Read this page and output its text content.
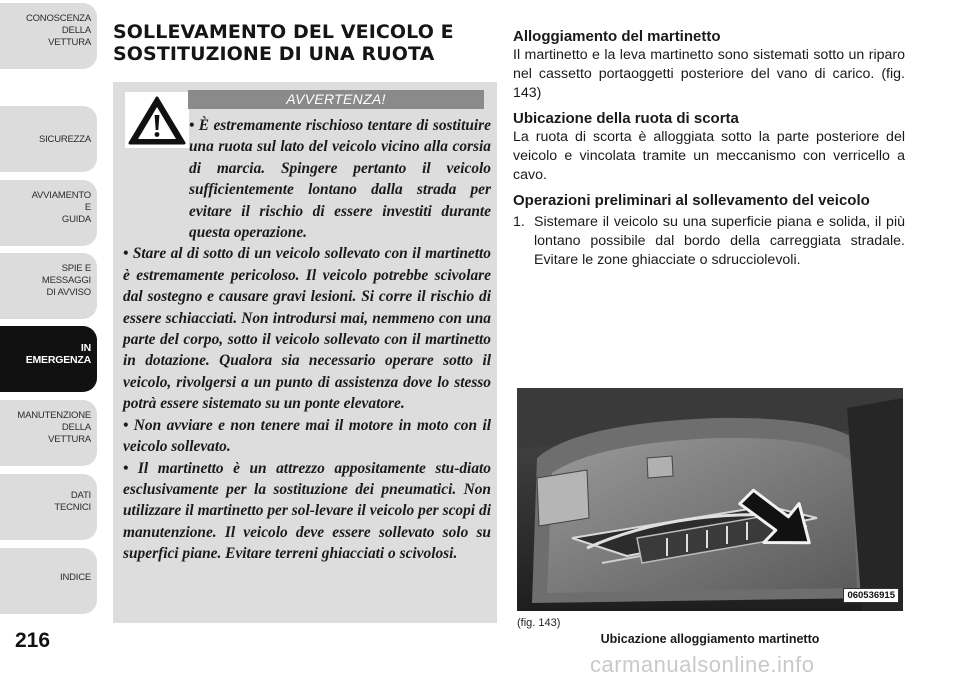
CONOSCENZA
DELLA
VETTURA
SICUREZZA
AVVIAMENTO
E
GUIDA
SPIE E
MESSAGGI
DI AVVISO
IN
EMERGENZA
MANUTENZIONE
DELLA
VETTURA
DATI
TECNICI
INDICE
216
SOLLEVAMENTO DEL VEICOLO E
SOSTITUZIONE DI UNA RUOTA
AVVERTENZA!

• È estremamente rischioso tentare di sostituire una ruota sul lato del veicolo vicino alla corsia di marcia. Spingere pertanto il veicolo sufficientemente lontano dalla strada per evitare il rischio di essere investiti durante questa operazione.

• Stare al di sotto di un veicolo sollevato con il martinetto è estremamente pericoloso. Il veicolo potrebbe scivolare dal sostegno e causare gravi lesioni. Si corre il rischio di essere schiacciati. Non introdursi mai, nemmeno con una parte del corpo, sotto il veicolo sollevato con il martinetto in dotazione. Qualora sia necessario operare sotto il veicolo, rivolgersi a un punto di assistenza dove lo stesso potrà essere sistemato su un ponte elevatore.

• Non avviare e non tenere mai il motore in moto con il veicolo sollevato.

• Il martinetto è un attrezzo appositamente stu-diato esclusivamente per la sostituzione dei pneumatici. Non utilizzare il martinetto per sol-levare il veicolo per scopi di manutenzione. Il veicolo deve essere sollevato solo su superfici piane. Evitare terreni ghiacciati o scivolosi.

Alloggiamento del martinetto

Il martinetto e la leva martinetto sono sistemati sotto un riparo nel cassetto portaoggetti posteriore del vano di carico. (fig. 143)

Ubicazione della ruota di scorta

La ruota di scorta è alloggiata sotto la parte posteriore del veicolo e vincolata tramite un meccanismo con verricello a cavo.

Operazioni preliminari al sollevamento del veicolo
1. Sistemare il veicolo su una superficie piana e solida, il più lontano possibile dal bordo della carreggiata stradale. Evitare le zone ghiacciate o sdrucciolevoli.
060536915
(fig. 143)
Ubicazione alloggiamento martinetto
carmanualsonline.info
